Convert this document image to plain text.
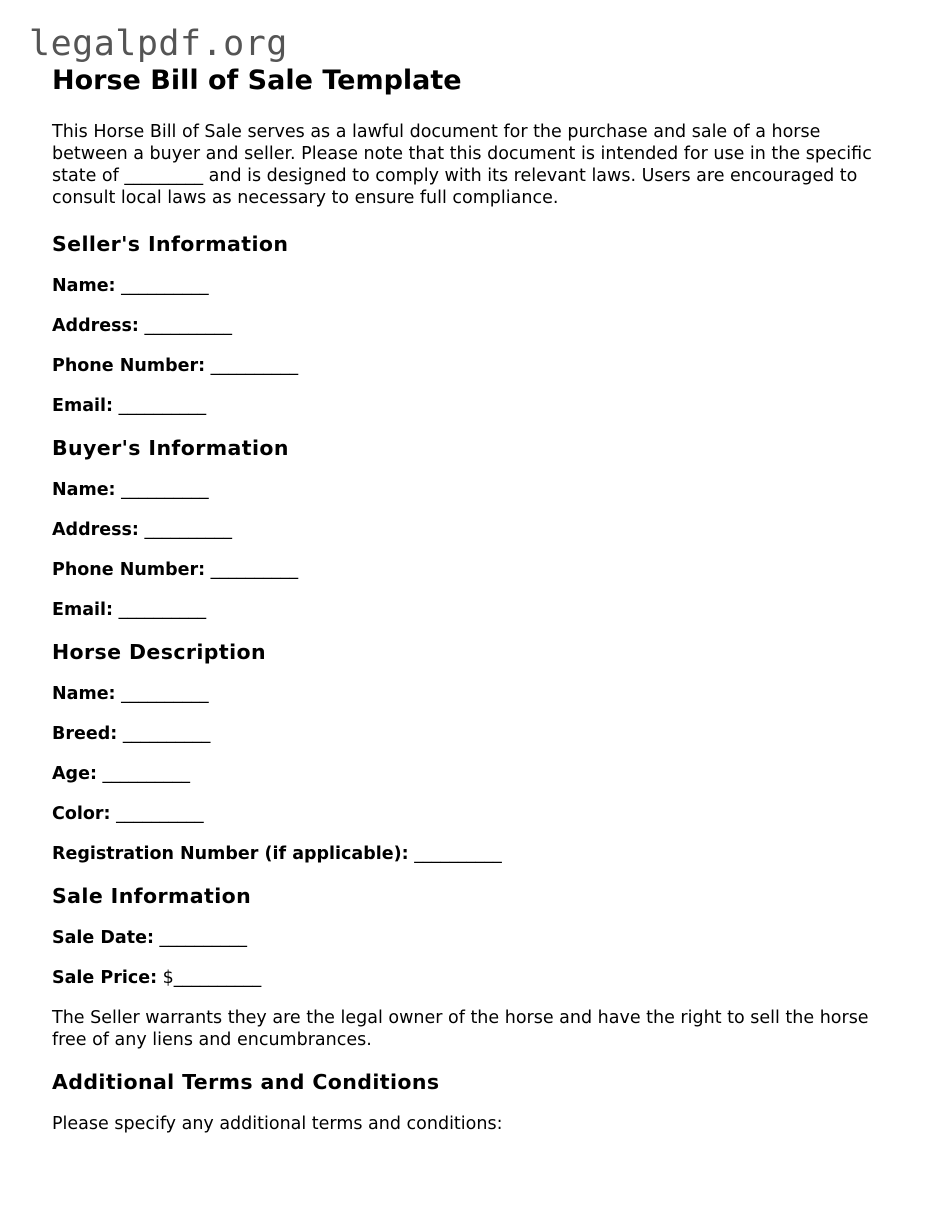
legalpdf.org
Horse Bill of Sale Template

This Horse Bill of Sale serves as a lawful document for the purchase and sale of a horse between a buyer and seller. Please note that this document is intended for use in the specific state of _________ and is designed to comply with its relevant laws. Users are encouraged to consult local laws as necessary to ensure full compliance.

Seller's Information

Name: __________

Address: __________

Phone Number: __________

Email: __________

Buyer's Information

Name: __________

Address: __________

Phone Number: __________

Email: __________

Horse Description

Name: __________

Breed: __________

Age: __________

Color: __________

Registration Number (if applicable): __________

Sale Information

Sale Date: __________

Sale Price: $__________

The Seller warrants they are the legal owner of the horse and have the right to sell the horse free of any liens and encumbrances.

Additional Terms and Conditions

Please specify any additional terms and conditions:
